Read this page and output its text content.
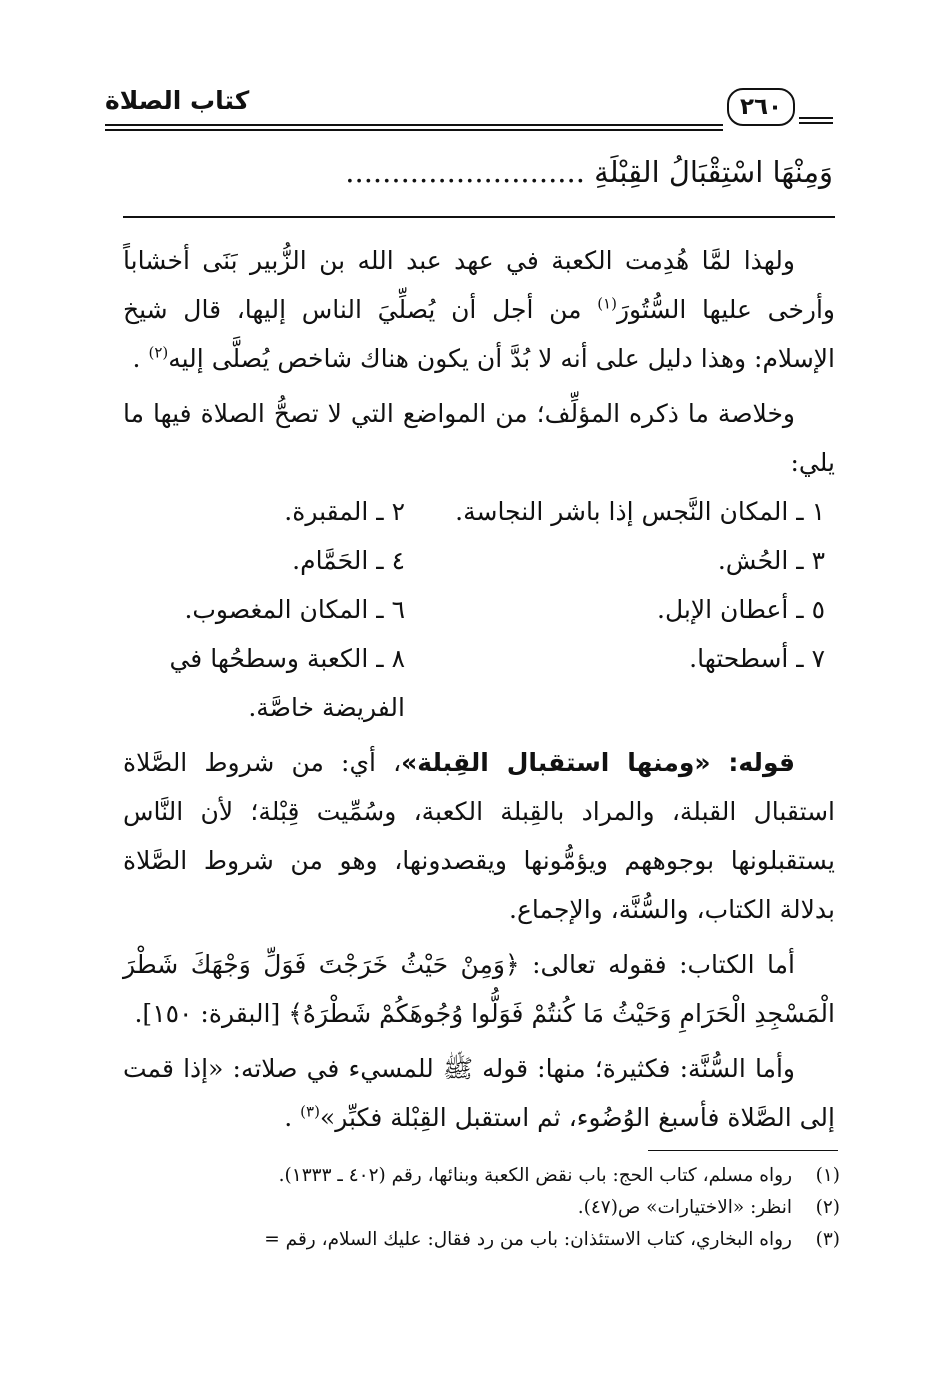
كتاب الصلاة	٢٦٠
وَمِنْهَا اسْتِقْبَالُ القِبْلَةِ ..........................

ولهذا لمَّا هُدِمت الكعبة في عهد عبد الله بن الزُّبير بَنَى أخشاباً وأرخى عليها السُّتُورَ$^{(١)}$ من أجل أن يُصلِّيَ الناس إليها، قال شيخ الإسلام: وهذا دليل على أنه لا بُدَّ أن يكون هناك شاخص يُصلَّى إليه$^{(٢)}$ .

وخلاصة ما ذكره المؤلِّف؛ من المواضع التي لا تصحُّ الصلاة فيها ما يلي:

١ ـ المكان النَّجس إذا باشر النجاسة.
٢ ـ المقبرة.
٣ ـ الحُش.
٤ ـ الحَمَّام.
٥ ـ أعطان الإبل.
٦ ـ المكان المغصوب.
٧ ـ أسطحتها.
٨ ـ الكعبة وسطحُها في
الفريضة خاصَّة.

قوله: «ومنها استقبال القِبلة»، أي: من شروط الصَّلاة استقبال القبلة، والمراد بالقِبلة الكعبة، وسُمِّيت قِبْلة؛ لأن النَّاس يستقبلونها بوجوههم ويؤمُّونها ويقصدونها، وهو من شروط الصَّلاة بدلالة الكتاب، والسُّنَّة، والإجماع.

أما الكتاب: فقوله تعالى: ﴿وَمِنْ حَيْثُ خَرَجْتَ فَوَلِّ وَجْهَكَ شَطْرَ الْمَسْجِدِ الْحَرَامِ وَحَيْثُ مَا كُنتُمْ فَوَلُّوا وُجُوهَكُمْ شَطْرَهُ﴾ [البقرة: ١٥٠].

وأما السُّنَّة: فكثيرة؛ منها: قوله ﷺ للمسيء في صلاته: «إذا قمت إلى الصَّلاة فأسبغ الوُضُوء، ثم استقبل القِبْلة فكبِّر»$^{(٣)}$ .

(١)
رواه مسلم، كتاب الحج: باب نقض الكعبة وبنائها، رقم (٤٠٢ ـ ١٣٣٣).
(٢)
انظر: «الاختيارات» ص(٤٧).
(٣)
رواه البخاري، كتاب الاستئذان: باب من رد فقال: عليك السلام، رقم =
